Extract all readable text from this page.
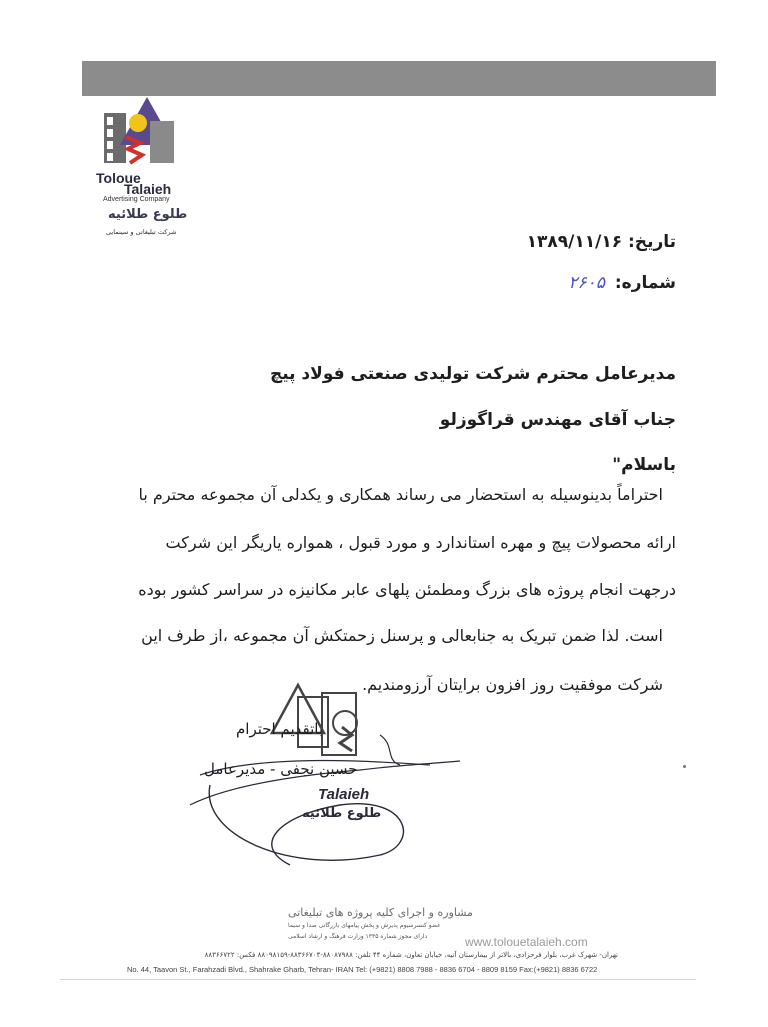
Toloue
Talaieh
Advertising Company
طلوع طلائیه
شرکت تبلیغاتی و سینمایی	تاریخ: ۱۳۸۹/۱۱/۱۶
شماره: ۲۶۰۵
مدیرعامل محترم شرکت تولیدی صنعتی فولاد پیچ
جناب آقای مهندس قراگوزلو
باسلام"
احتراماً بدینوسیله به استحضار می رساند همکاری و یکدلی آن مجموعه محترم با
ارائه محصولات پیچ و مهره استاندارد و مورد قبول ، همواره یاریگر این شرکت
درجهت انجام پروژه های بزرگ ومطمئن پلهای عابر مکانیزه در سراسر کشور بوده
است. لذا ضمن تبریک به جنابعالی و پرسنل زحمتکش آن مجموعه ،از طرف این
شرکت موفقیت روز افزون برایتان آرزومندیم.
باتقدیم احترام
حسین نجفی - مدیرعامل
Talaieh
طلوع طلائیه
مشاوره و اجرای کلیه پروژه های تبلیغاتی
عضو کنسرسیوم پذیرش و پخش پیامهای بازرگانی صدا و سیما
دارای مجوز شماره ۱۳۳۵ وزارت فرهنگ و ارشاد اسلامی	www.tolouetalaieh.com
تهران- شهرک غرب، بلوار فرحزادی، بالاتر از بیمارستان آتیه، خیابان تعاون، شماره ۴۴ تلفن: ۸۸۰۸۷۹۸۸-۸۸۳۶۶۷۰۴-۸۸۰۹۸۱۵۹ فکس: ۸۸۳۶۶۷۲۲
No. 44, Taavon St., Farahzadi Blvd., Shahrake Gharb, Tehran- IRAN Tel: (+9821) 8808 7988 - 8836 6704 - 8809 8159 Fax:(+9821) 8836 6722
